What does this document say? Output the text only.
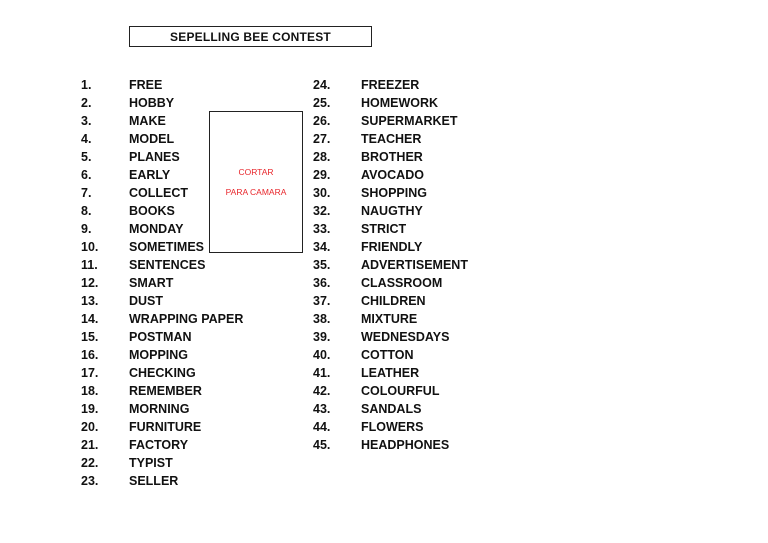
SEPELLING BEE CONTEST
1.	FREE
2.	HOBBY
3.	MAKE
4.	MODEL
5.	PLANES
6.	EARLY
7.	COLLECT
8.	BOOKS
9.	MONDAY
10.	SOMETIMES
11.	SENTENCES
12.	SMART
13.	DUST
14.	WRAPPING PAPER
15.	POSTMAN
16.	MOPPING
17.	CHECKING
18.	REMEMBER
19.	MORNING
20.	FURNITURE
21.	FACTORY
22.	TYPIST
23.	SELLER
24.	FREEZER
25.	HOMEWORK
26.	SUPERMARKET
27.	TEACHER
28.	BROTHER
29.	AVOCADO
30.	SHOPPING
32.	NAUGTHY
33.	STRICT
34.	FRIENDLY
35.	ADVERTISEMENT
36.	CLASSROOM
37.	CHILDREN
38.	MIXTURE
39.	WEDNESDAYS
40.	COTTON
41.	LEATHER
42.	COLOURFUL
43.	SANDALS
44.	FLOWERS
45.	HEADPHONES
CORTAR
PARA CAMARA
